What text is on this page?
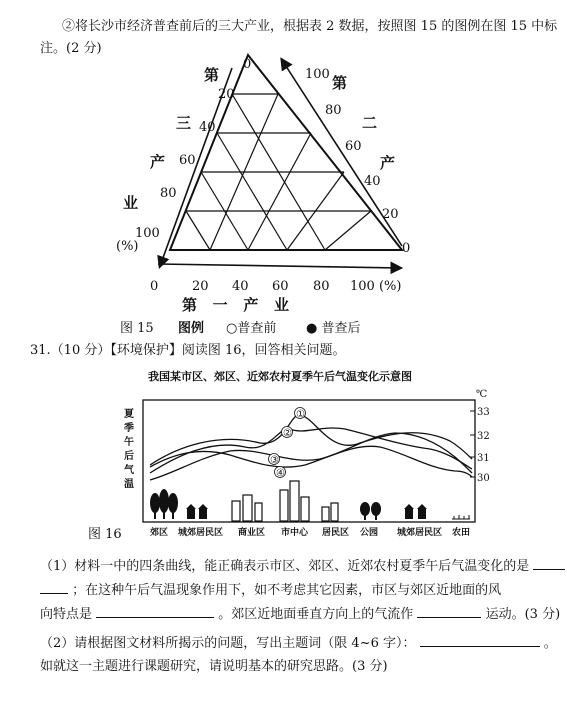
②将长沙市经济普查前后的三大产业，根据表 2 数据，按照图 15 的图例在图 15 中标
注。(2 分)
0
20
40
60
80
100
第
三
产
业
(%)
100
80
60
40
20
0
第
二
产
0	20 40 60 80 100 (%)
第   一   产   业
图 15 图例 ○普查前 ● 普查后
31.（10 分）【环境保护】阅读图 16，回答相关问题。
我国某市区、郊区、近郊农村夏季午后气温变化示意图
夏
季
午
后
气
温
℃
33
32
31
30
①
②
③
④
郊区 城郊居民区 商业区 市中心 居民区 公园 城郊居民区 农田
图 16
（1）材料一中的四条曲线，能正确表示市区、郊区、近郊农村夏季午后气温变化的是
；在这种午后气温现象作用下，如不考虑其它因素，市区与郊区近地面的风
向特点是	。郊区近地面垂直方向上的气流作	运动。(3 分)
（2）请根据图文材料所揭示的问题，写出主题词（限 4~6 字）：	。
如就这一主题进行课题研究，请说明基本的研究思路。(3 分)
